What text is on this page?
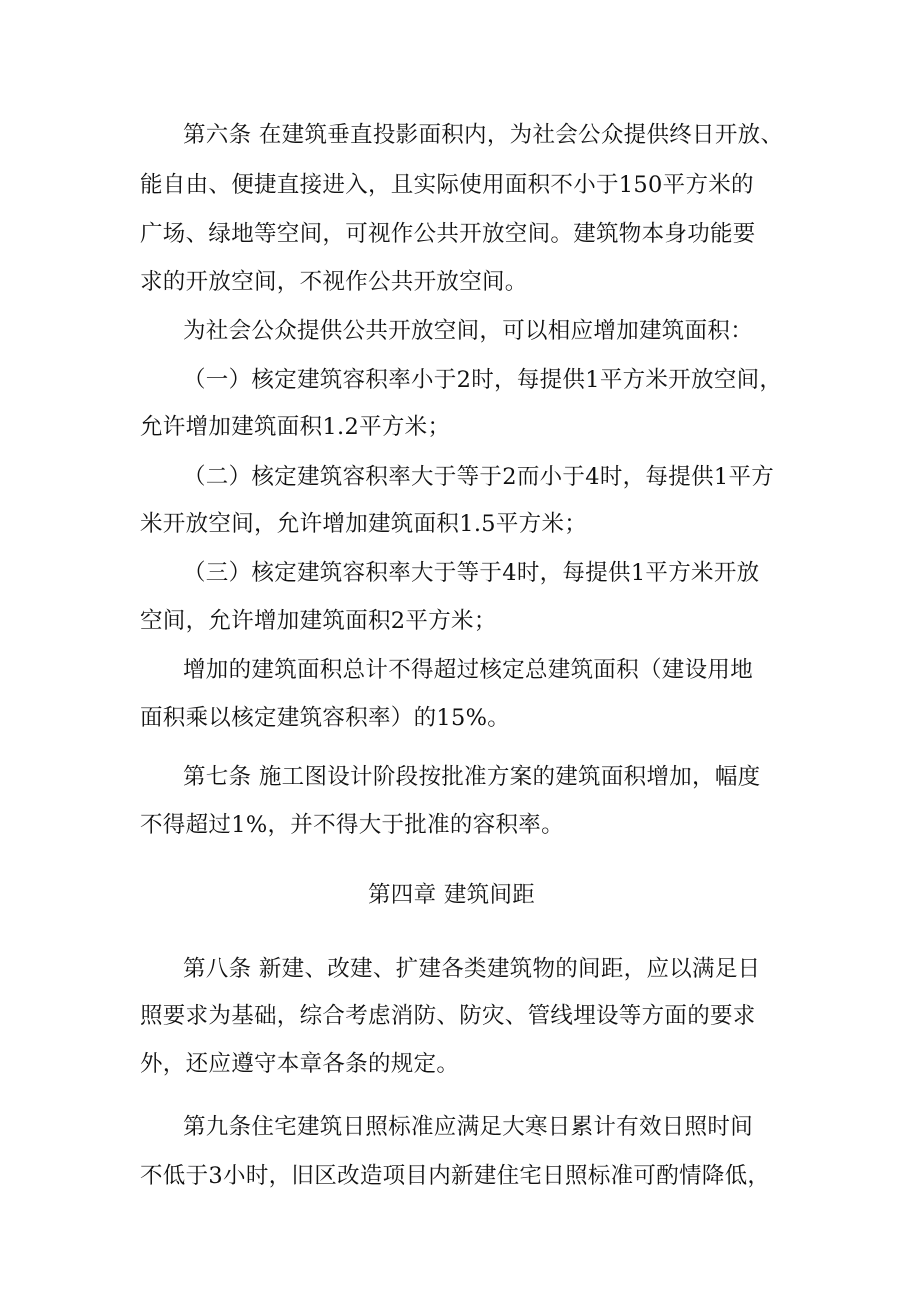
第六条 在建筑垂直投影面积内，为社会公众提供终日开放、
能自由、便捷直接进入，且实际使用面积不小于150平方米的
广场、绿地等空间，可视作公共开放空间。建筑物本身功能要
求的开放空间，不视作公共开放空间。
为社会公众提供公共开放空间，可以相应增加建筑面积：
（一）核定建筑容积率小于2时，每提供1平方米开放空间，
允许增加建筑面积1.2平方米；
（二）核定建筑容积率大于等于2而小于4时，每提供1平方
米开放空间，允许增加建筑面积1.5平方米；
（三）核定建筑容积率大于等于4时，每提供1平方米开放
空间，允许增加建筑面积2平方米；
增加的建筑面积总计不得超过核定总建筑面积（建设用地
面积乘以核定建筑容积率）的15%。
第七条 施工图设计阶段按批准方案的建筑面积增加，幅度
不得超过1%，并不得大于批准的容积率。
第四章 建筑间距
第八条 新建、改建、扩建各类建筑物的间距，应以满足日
照要求为基础，综合考虑消防、防灾、管线埋设等方面的要求
外，还应遵守本章各条的规定。
第九条住宅建筑日照标准应满足大寒日累计有效日照时间
不低于3小时，旧区改造项目内新建住宅日照标准可酌情降低，
